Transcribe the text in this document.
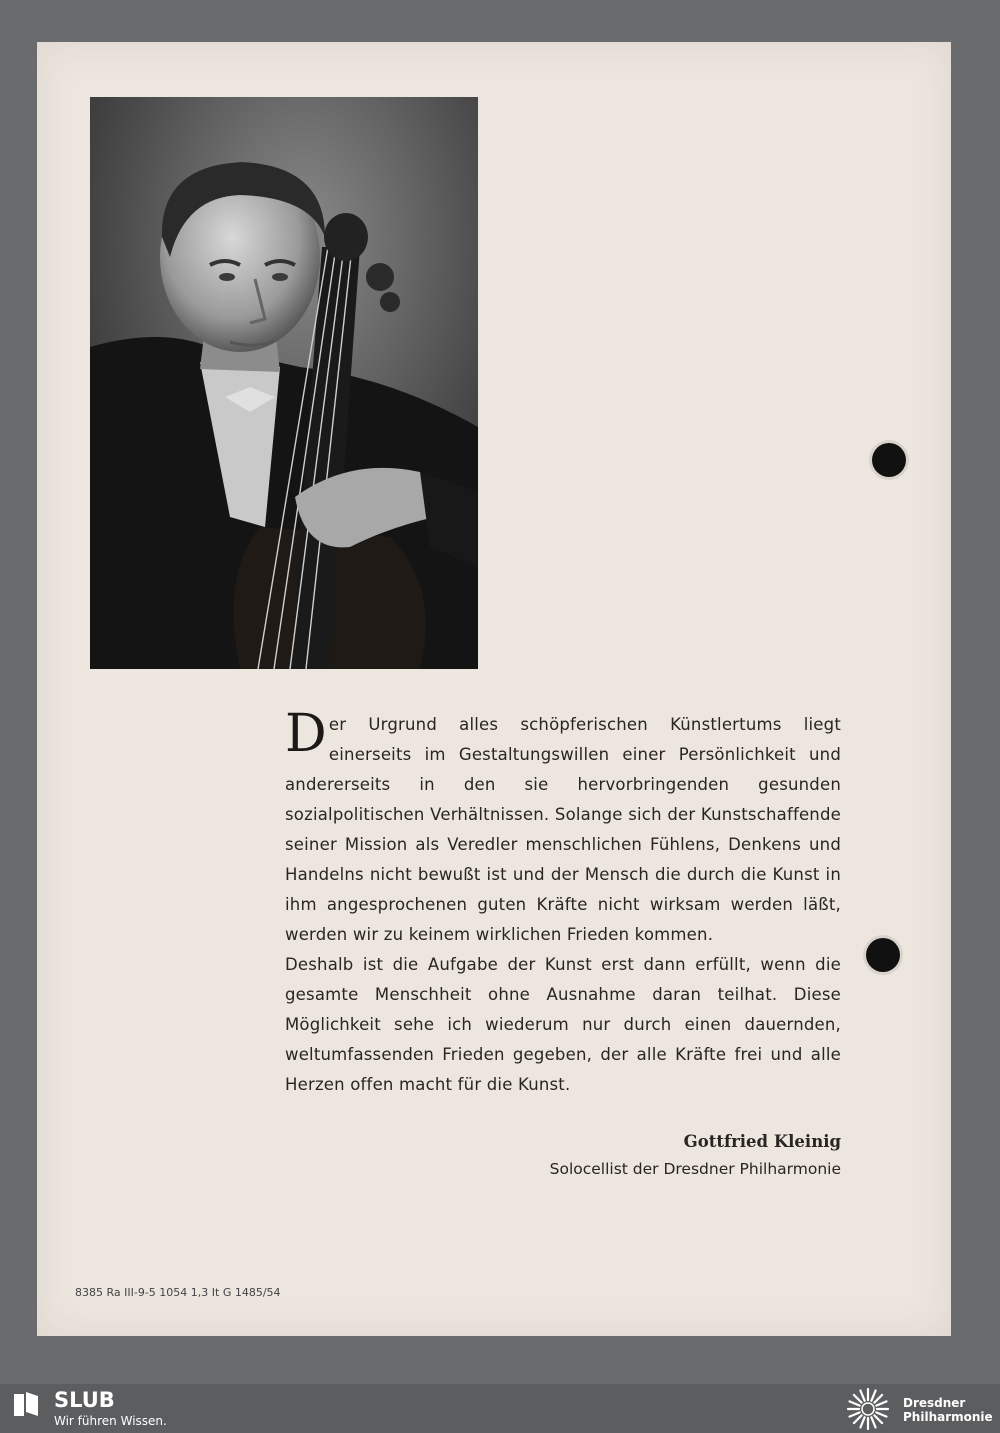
Der Urgrund alles schöpferischen Künstlertums liegt einerseits im Gestaltungswillen einer Persönlichkeit und andererseits in den sie hervorbringenden gesunden sozialpolitischen Verhältnissen. Solange sich der Kunstschaffende seiner Mission als Veredler menschlichen Fühlens, Denkens und Handelns nicht bewußt ist und der Mensch die durch die Kunst in ihm angesprochenen guten Kräfte nicht wirksam werden läßt, werden wir zu keinem wirklichen Frieden kommen.

Deshalb ist die Aufgabe der Kunst erst dann erfüllt, wenn die gesamte Menschheit ohne Ausnahme daran teilhat. Diese Möglichkeit sehe ich wiederum nur durch einen dauernden, weltumfassenden Frieden gegeben, der alle Kräfte frei und alle Herzen offen macht für die Kunst.

Gottfried Kleinig
Solocellist der Dresdner Philharmonie
8385 Ra III-9-5 1054 1,3 It G 1485/54
SLUB
Wir führen Wissen.
Dresdner
Philharmonie
